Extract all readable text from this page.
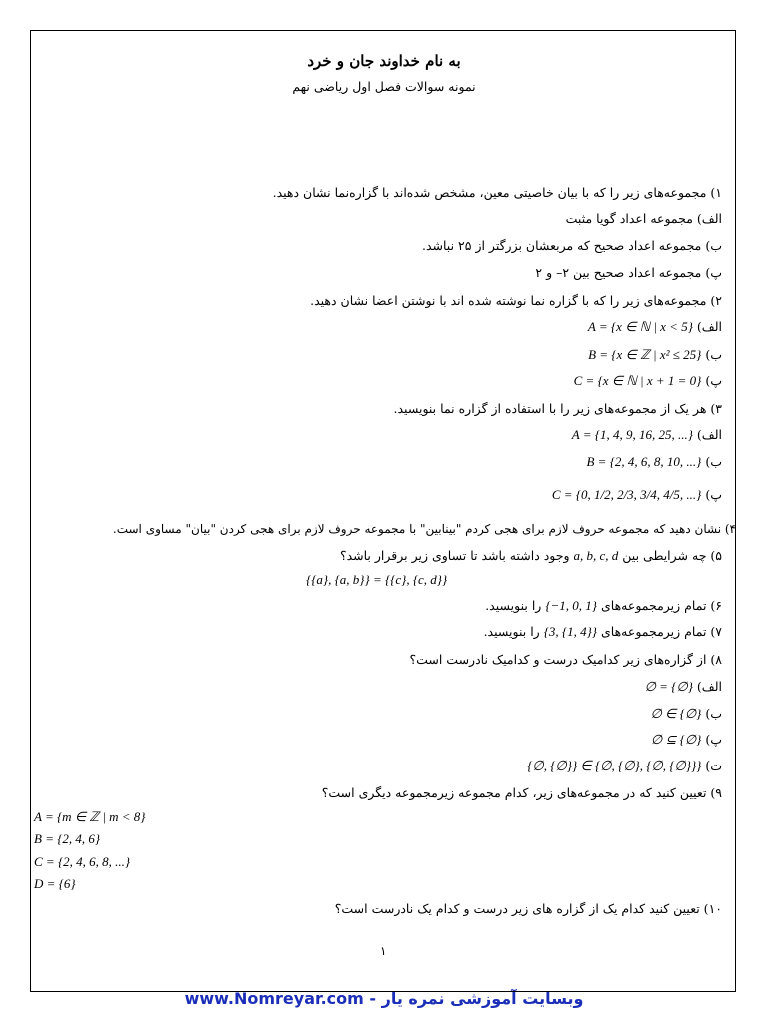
به نام خداوند جان و خرد
نمونه سوالات فصل اول ریاضی نهم
۱) مجموعه‌های زیر را که با بیان خاصیتی معین، مشخص شده‌اند با گزاره‌نما نشان دهید.
الف) مجموعه اعداد گویا مثبت
ب) مجموعه اعداد صحیح که مربعشان بزرگتر از ۲۵ نباشد.
پ) مجموعه اعداد صحیح بین ۲– و ۲
۲) مجموعه‌های زیر را که با گزاره نما نوشته شده اند با نوشتن اعضا نشان دهید.
الف) A = {x ∈ ℕ | x < 5}
ب) B = {x ∈ ℤ | x² ≤ 25}
پ) C = {x ∈ ℕ | x + 1 = 0}
۳) هر یک از مجموعه‌های زیر را با استفاده از گزاره نما بنویسید.
الف) A = {1, 4, 9, 16, 25, ...}
ب) B = {2, 4, 6, 8, 10, ...}
پ) C = {0, 1/2, 2/3, 3/4, 4/5, ...}
۴) نشان دهید که مجموعه حروف لازم برای هجی کردم "بینابین" با مجموعه حروف لازم برای هجی کردن "بیان" مساوی است.
۵) چه شرایطی بین a, b, c, d وجود داشته باشد تا تساوی زیر برقرار باشد؟
{{a}, {a, b}} = {{c}, {c, d}}
۶) تمام زیرمجموعه‌های {−1, 0, 1} را بنویسید.
۷) تمام زیرمجموعه‌های {3, {1, 4}} را بنویسید.
۸) از گزاره‌های زیر کدامیک درست و کدامیک نادرست است؟
الف) ∅ = {∅}
ب) ∅ ∈ {∅}
پ) ∅ ⊆ {∅}
ت) {∅, {∅}} ∈ {∅, {∅}, {∅, {∅}}}
۹) تعیین کنید که در مجموعه‌های زیر، کدام مجموعه زیرمجموعه دیگری است؟
A = {m ∈ ℤ | m < 8}
B = {2, 4, 6}
C = {2, 4, 6, 8, ...}
D = {6}
۱۰) تعیین کنید کدام یک از گزاره های زیر درست و کدام یک نادرست است؟
۱
www.Nomreyar.com - وبسایت آموزشی نمره یار
